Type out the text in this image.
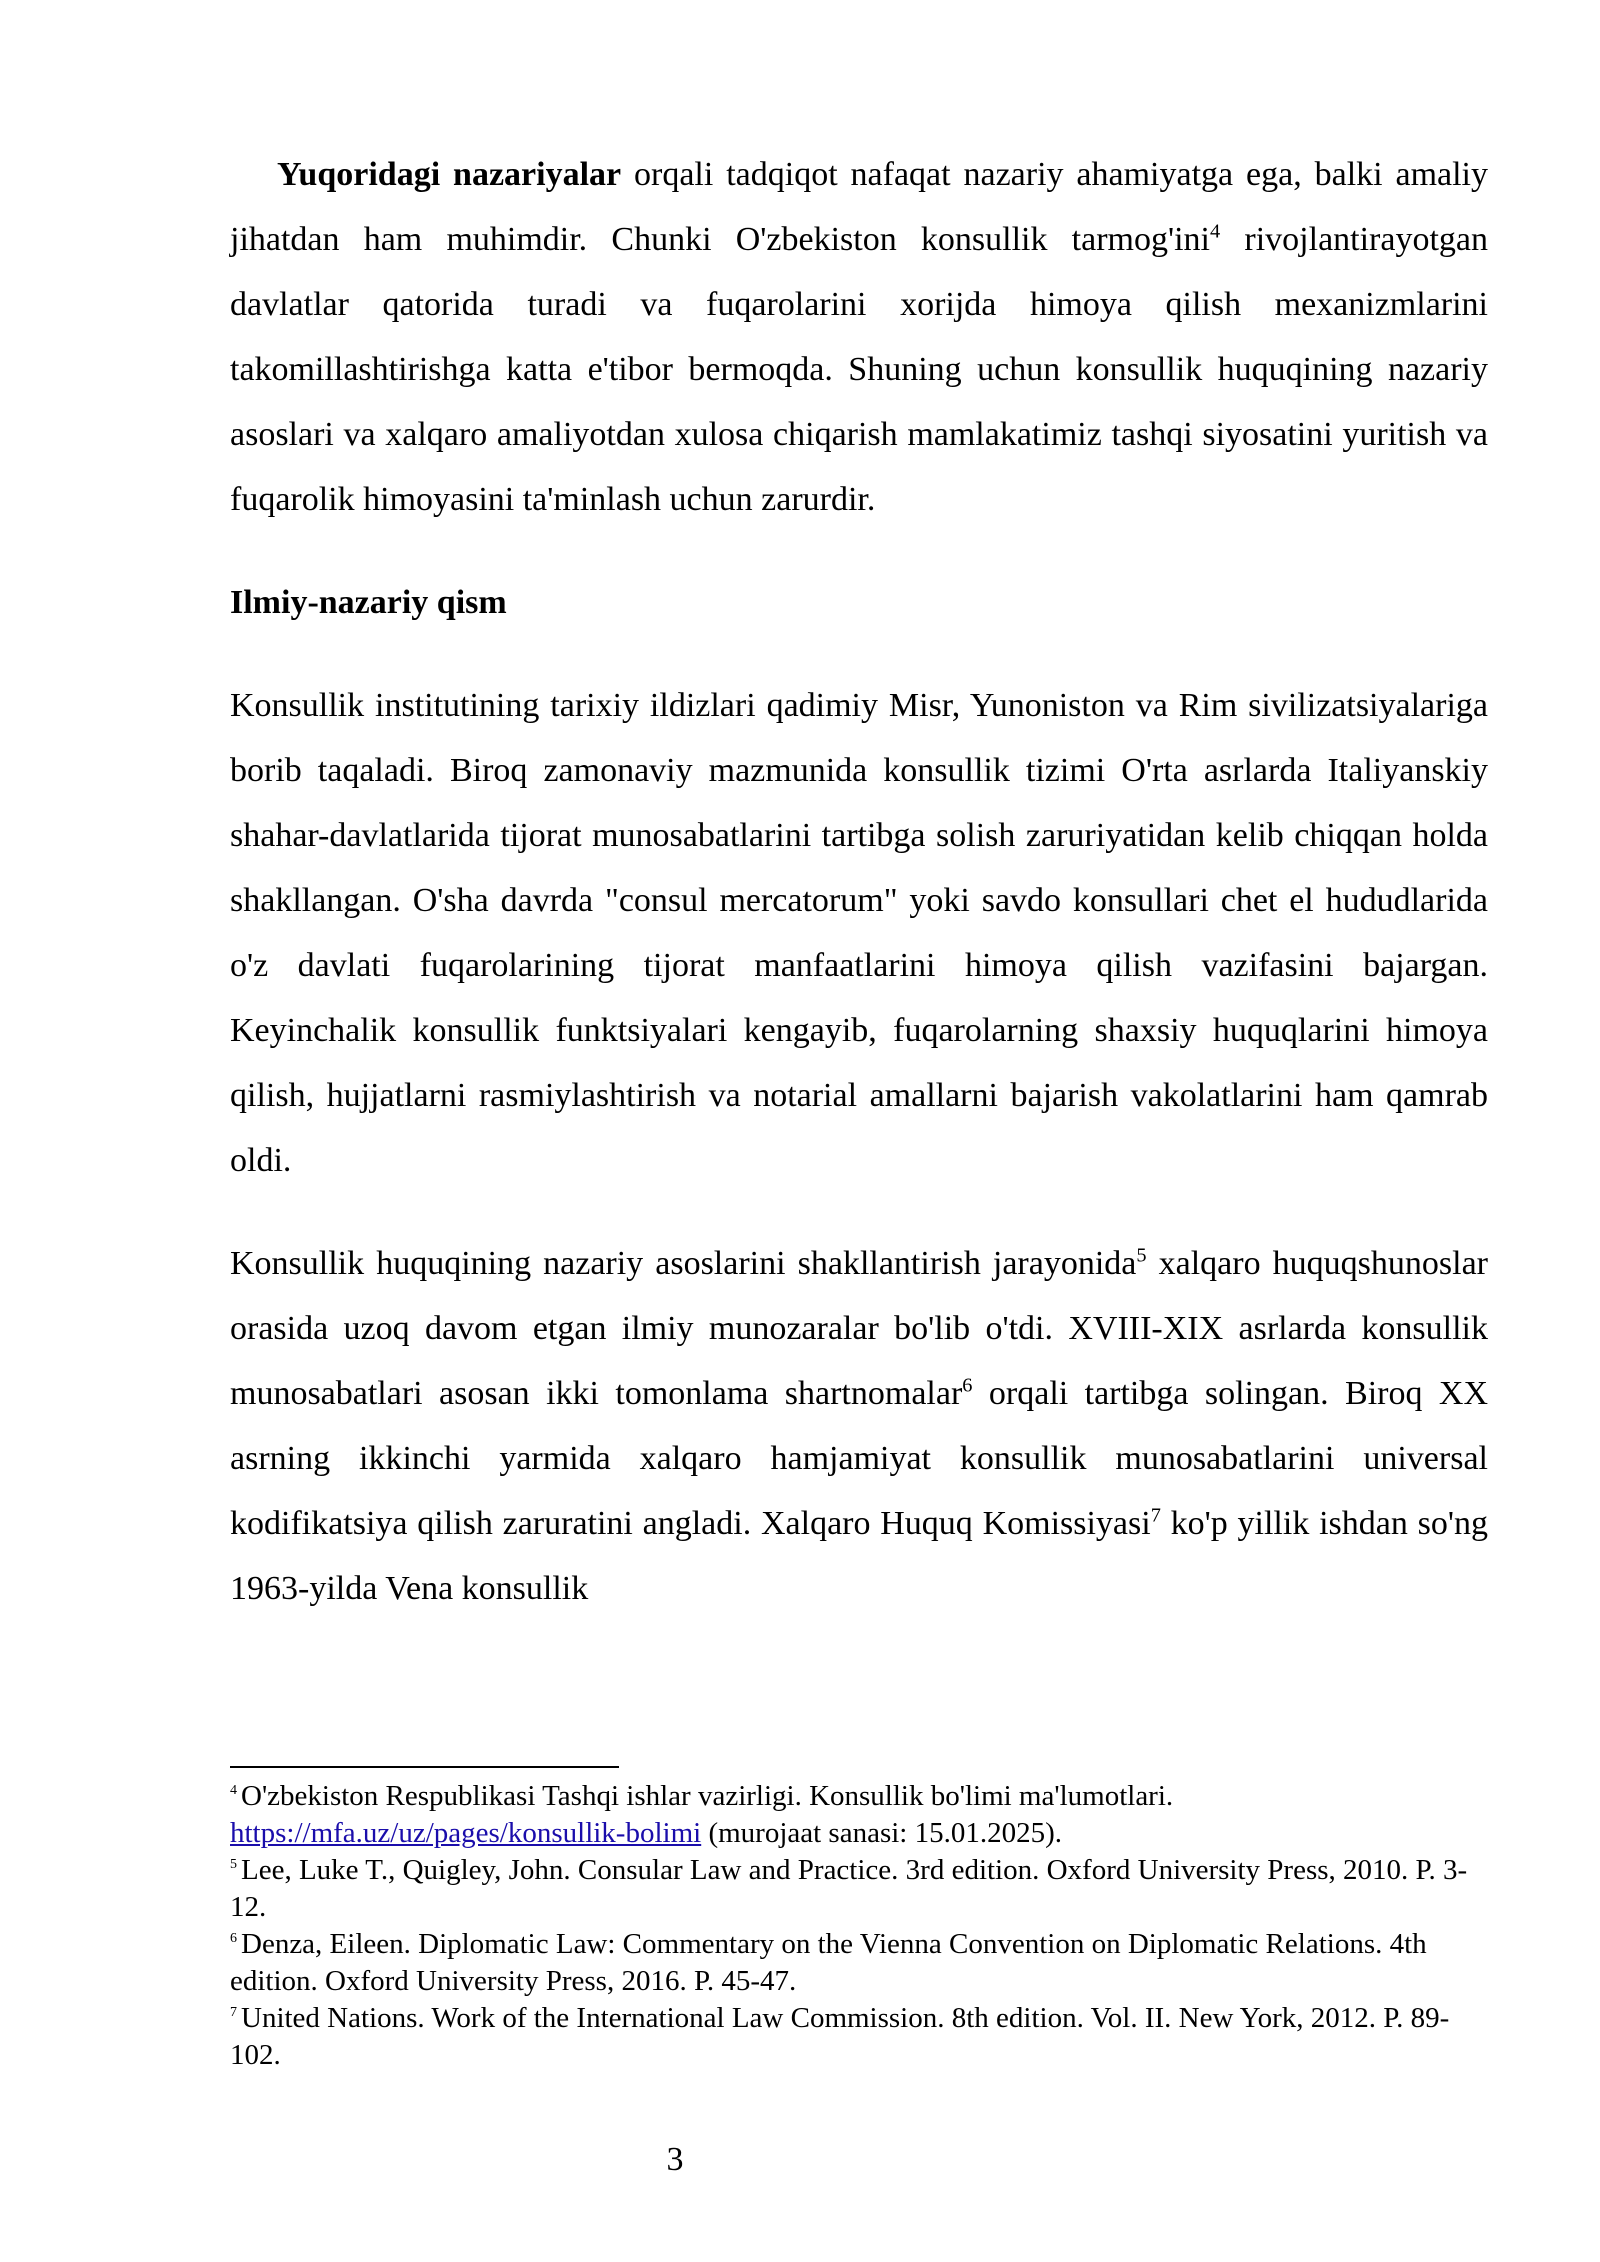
Yuqoridagi nazariyalar orqali tadqiqot nafaqat nazariy ahamiyatga ega, balki amaliy jihatdan ham muhimdir. Chunki O'zbekiston konsullik tarmog'ini$^4$ rivojlantirayotgan davlatlar qatorida turadi va fuqarolarini xorijda himoya qilish mexanizmlarini takomillashtirishga katta e'tibor bermoqda. Shuning uchun konsullik huquqining nazariy asoslari va xalqaro amaliyotdan xulosa chiqarish mamlakatimiz tashqi siyosatini yuritish va fuqarolik himoyasini ta'minlash uchun zarurdir.

Ilmiy-nazariy qism

Konsullik institutining tarixiy ildizlari qadimiy Misr, Yunoniston va Rim sivilizatsiyalariga borib taqaladi. Biroq zamonaviy mazmunida konsullik tizimi O'rta asrlarda Italiyanskiy shahar-davlatlarida tijorat munosabatlarini tartibga solish zaruriyatidan kelib chiqqan holda shakllangan. O'sha davrda "consul mercatorum" yoki savdo konsullari chet el hududlarida o'z davlati fuqarolarining tijorat manfaatlarini himoya qilish vazifasini bajargan. Keyinchalik konsullik funktsiyalari kengayib, fuqarolarning shaxsiy huquqlarini himoya qilish, hujjatlarni rasmiylashtirish va notarial amallarni bajarish vakolatlarini ham qamrab oldi.

Konsullik huquqining nazariy asoslarini shakllantirish jarayonida$^5$ xalqaro huquqshunoslar orasida uzoq davom etgan ilmiy munozaralar bo'lib o'tdi. XVIII-XIX asrlarda konsullik munosabatlari asosan ikki tomonlama shartnomalar$^6$ orqali tartibga solingan. Biroq XX asrning ikkinchi yarmida xalqaro hamjamiyat konsullik munosabatlarini universal kodifikatsiya qilish zaruratini angladi. Xalqaro Huquq Komissiyasi$^7$ ko'p yillik ishdan so'ng 1963-yilda Vena konsullik

$^4$ O'zbekiston Respublikasi Tashqi ishlar vazirligi. Konsullik bo'limi ma'lumotlari.
https://mfa.uz/uz/pages/konsullik-bolimi (murojaat sanasi: 15.01.2025).

$^5$ Lee, Luke T., Quigley, John. Consular Law and Practice. 3rd edition. Oxford University Press, 2010. P. 3-12.

$^6$ Denza, Eileen. Diplomatic Law: Commentary on the Vienna Convention on Diplomatic Relations. 4th edition. Oxford University Press, 2016. P. 45-47.

$^7$ United Nations. Work of the International Law Commission. 8th edition. Vol. II. New York, 2012. P. 89-102.

3
